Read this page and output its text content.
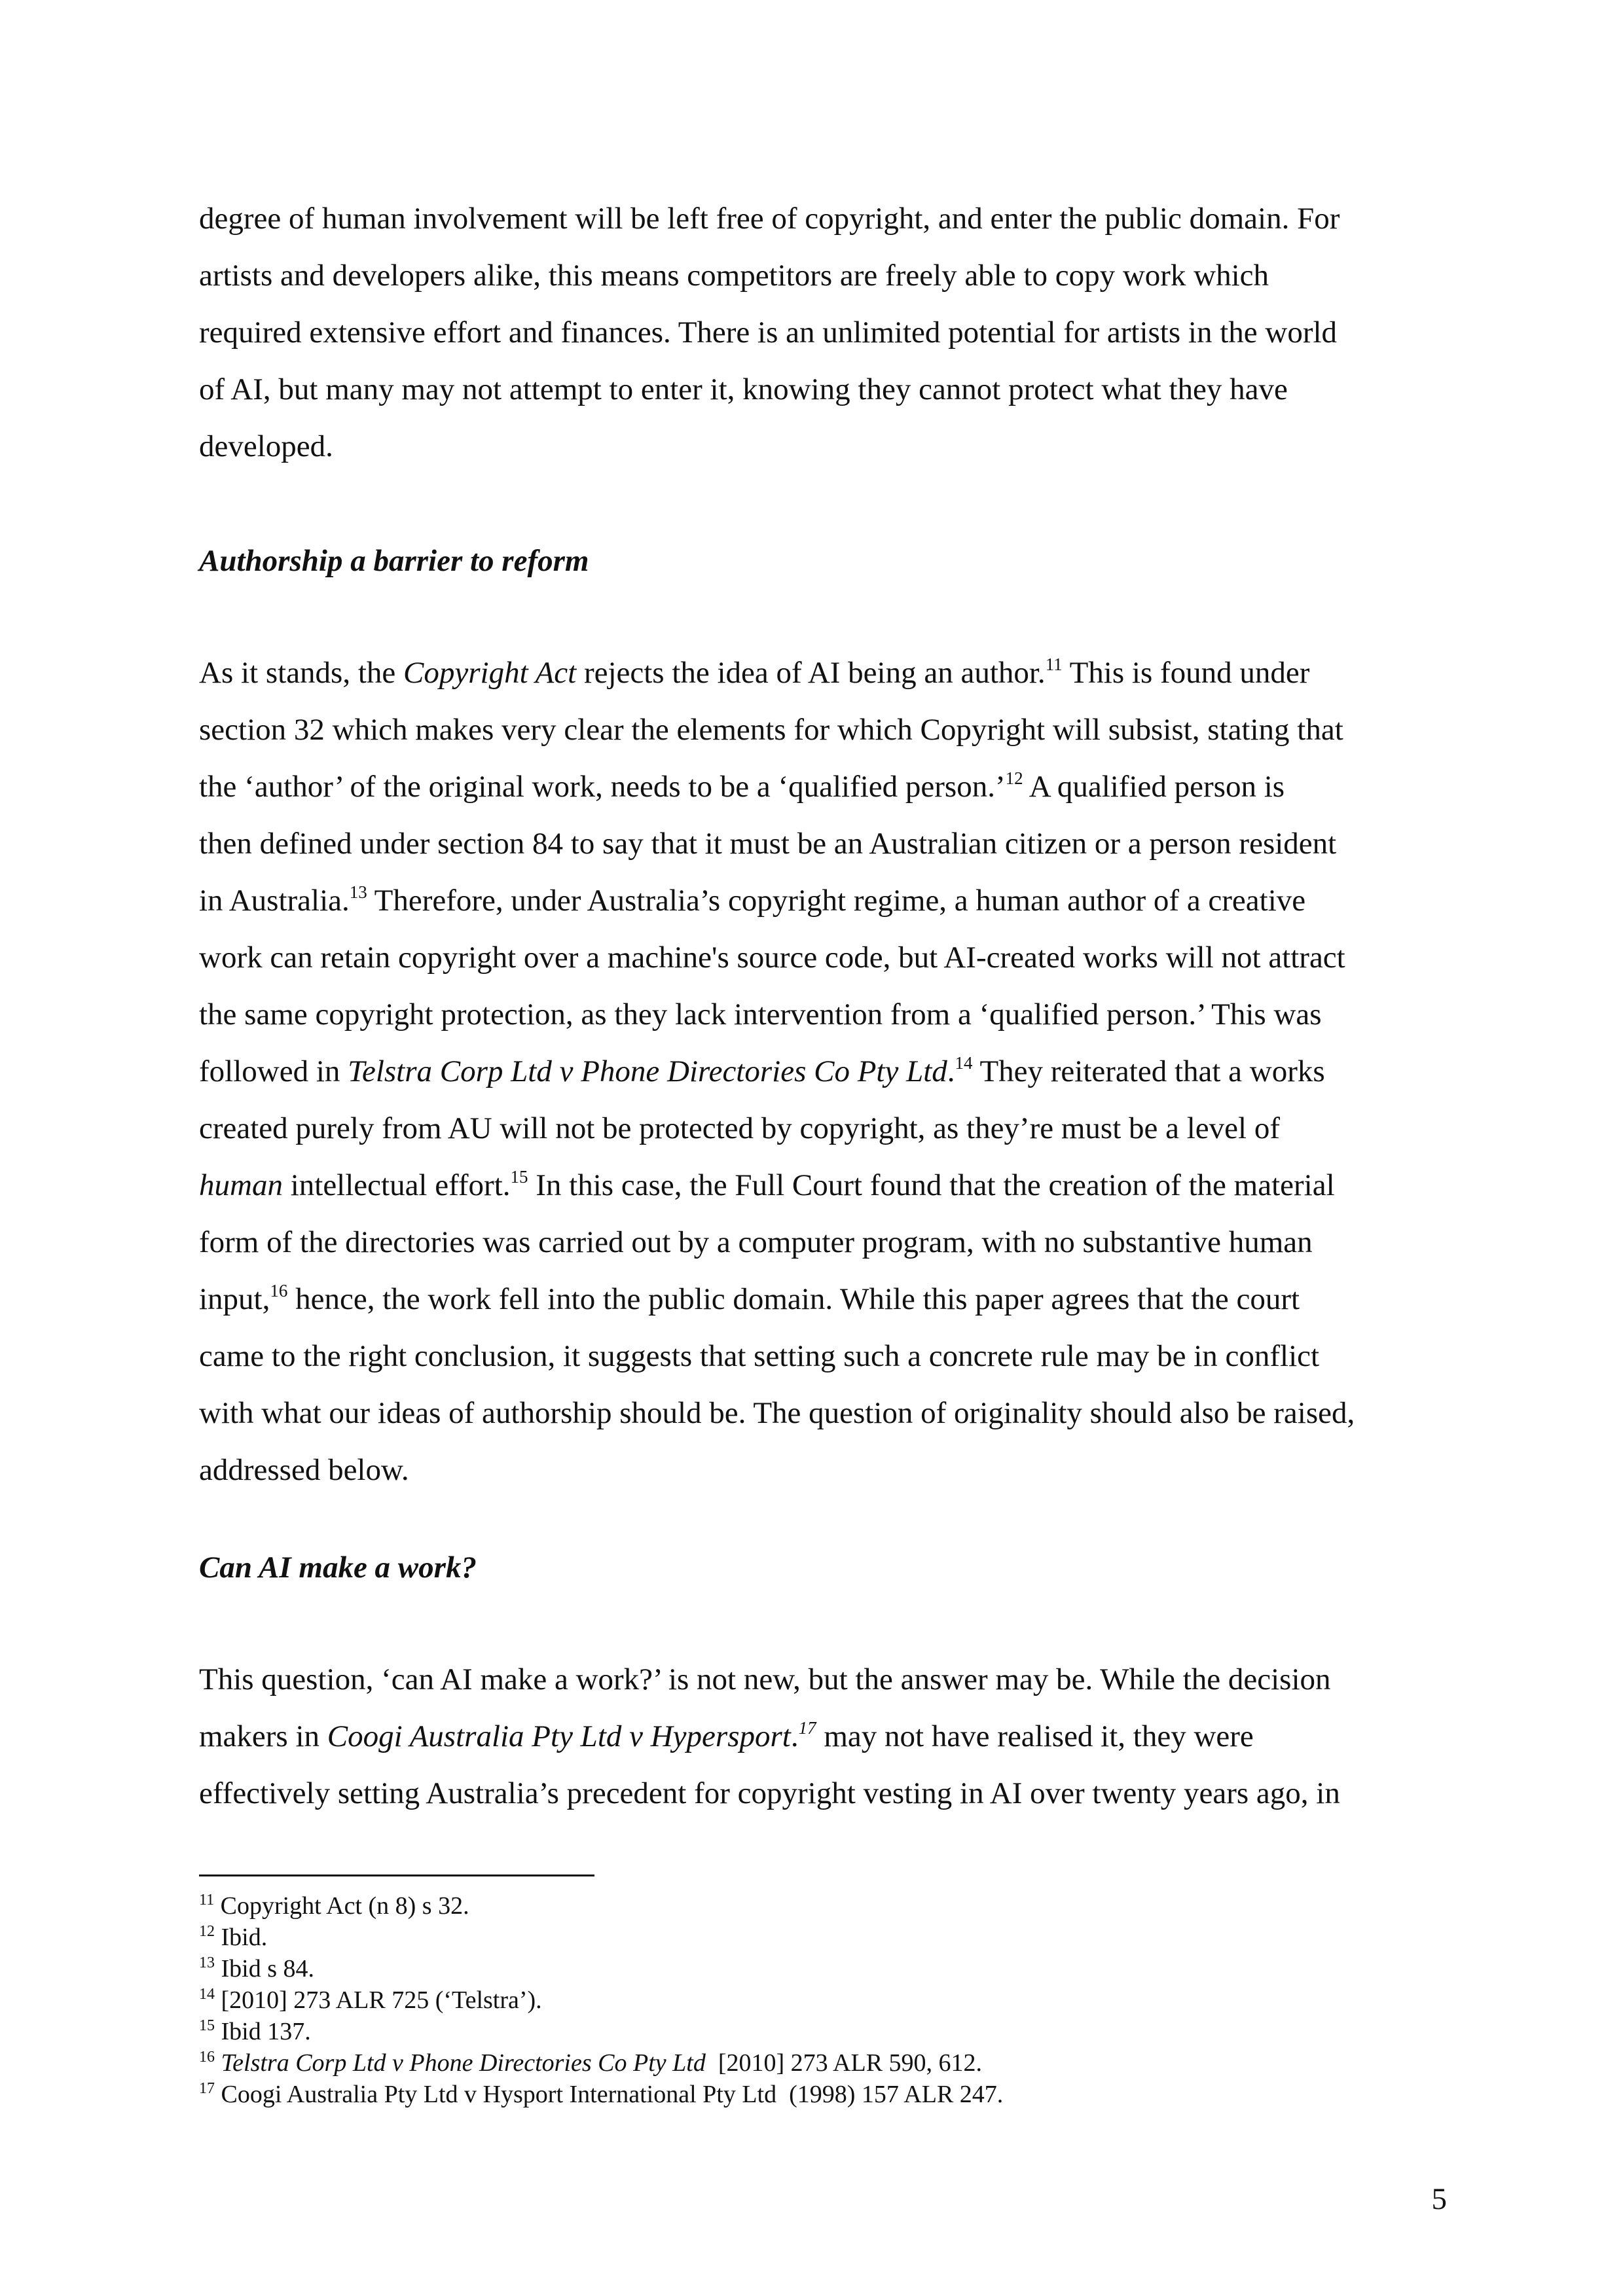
degree of human involvement will be left free of copyright, and enter the public domain. For
artists and developers alike, this means competitors are freely able to copy work which
required extensive effort and finances. There is an unlimited potential for artists in the world
of AI, but many may not attempt to enter it, knowing they cannot protect what they have
developed.
Authorship a barrier to reform
As it stands, the Copyright Act rejects the idea of AI being an author.$^{11}$ This is found under
section 32 which makes very clear the elements for which Copyright will subsist, stating that
the ‘author’ of the original work, needs to be a ‘qualified person.’$^{12}$ A qualified person is
then defined under section 84 to say that it must be an Australian citizen or a person resident
in Australia.$^{13}$ Therefore, under Australia’s copyright regime, a human author of a creative
work can retain copyright over a machine's source code, but AI-created works will not attract
the same copyright protection, as they lack intervention from a ‘qualified person.’ This was
followed in Telstra Corp Ltd v Phone Directories Co Pty Ltd.$^{14}$ They reiterated that a works
created purely from AU will not be protected by copyright, as they’re must be a level of
human intellectual effort.$^{15}$ In this case, the Full Court found that the creation of the material
form of the directories was carried out by a computer program, with no substantive human
input,$^{16}$ hence, the work fell into the public domain. While this paper agrees that the court
came to the right conclusion, it suggests that setting such a concrete rule may be in conflict
with what our ideas of authorship should be. The question of originality should also be raised,
addressed below.
Can AI make a work?
This question, ‘can AI make a work?’ is not new, but the answer may be. While the decision
makers in Coogi Australia Pty Ltd v Hypersport.$^{17}$ may not have realised it, they were
effectively setting Australia’s precedent for copyright vesting in AI over twenty years ago, in
$^{11}$ Copyright Act (n 8) s 32.
$^{12}$ Ibid.
$^{13}$ Ibid s 84.
$^{14}$ [2010] 273 ALR 725 (‘Telstra’).
$^{15}$ Ibid 137.
$^{16}$ Telstra Corp Ltd v Phone Directories Co Pty Ltd  [2010] 273 ALR 590, 612.
$^{17}$ Coogi Australia Pty Ltd v Hysport International Pty Ltd  (1998) 157 ALR 247.
5
